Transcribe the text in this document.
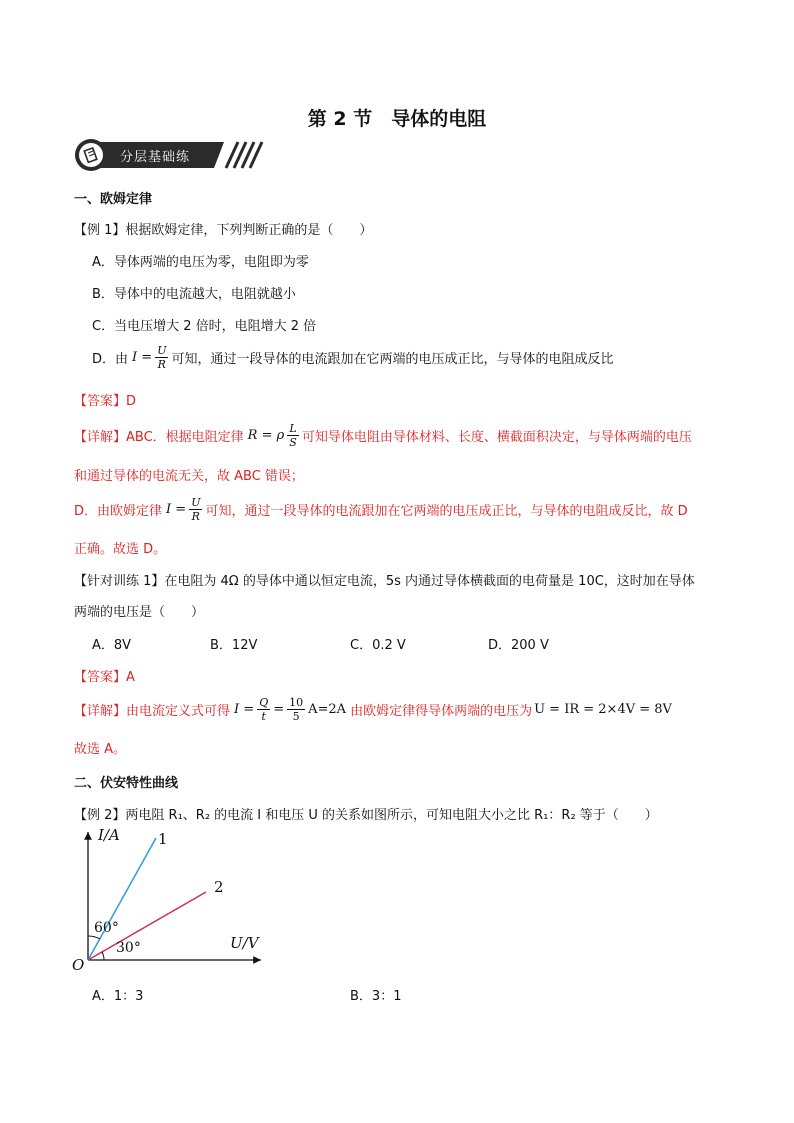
第 2 节　导体的电阻
分层基础练
一、欧姆定律
【例 1】根据欧姆定律，下列判断正确的是（　　）
A．导体两端的电压为零，电阻即为零
B．导体中的电流越大，电阻就越小
C．当电压增大 2 倍时，电阻增大 2 倍
D．由 $I = \frac{U}{R}$ 可知，通过一段导体的电流跟加在它两端的电压成正比，与导体的电阻成反比
【答案】D
【详解】ABC．根据电阻定律 R = ρ $\frac{L}{S}$ 可知导体电阻由导体材料、长度、横截面积决定，与导体两端的电压
和通过导体的电流无关，故 ABC 错误；
D．由欧姆定律 $I = \frac{U}{R}$ 可知，通过一段导体的电流跟加在它两端的电压成正比，与导体的电阻成反比，故 D
正确。故选 D。
【针对训练 1】在电阻为 4Ω 的导体中通以恒定电流，5s 内通过导体横截面的电荷量是 10C，这时加在导体
两端的电压是（　　）
A．8V	B．12V	C．0.2 V	D．200 V
【答案】A
【详解】由电流定义式可得 $I = \frac{Q}{t} = \frac{10}{5} A=2A$ 由欧姆定律得导体两端的电压为 U = IR = 2×4V = 8V
故选 A。
二、伏安特性曲线
【例 2】两电阻 R₁、R₂ 的电流 I 和电压 U 的关系如图所示，可知电阻大小之比 R₁：R₂ 等于（　　）
I/A
U/V
O
1
2
60°
30°
A．1：3	B．3：1
